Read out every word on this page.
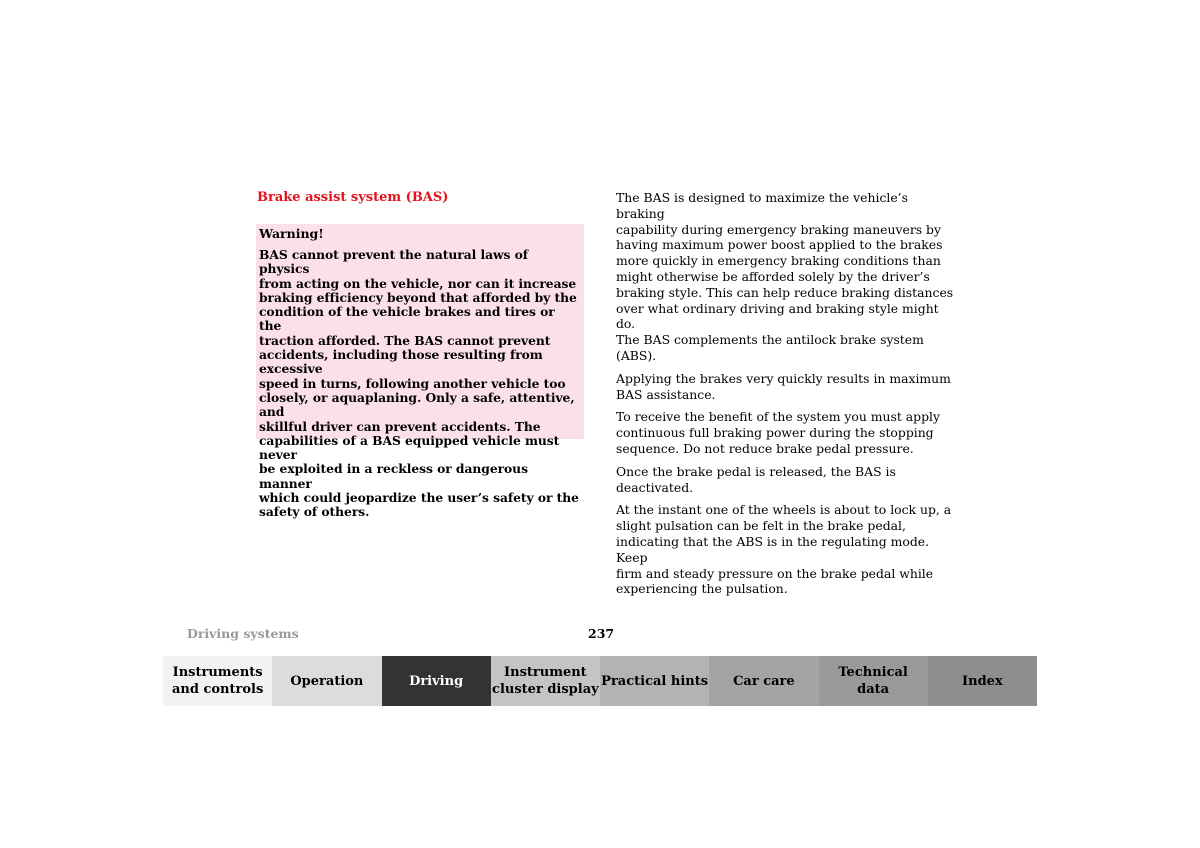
Brake assist system (BAS)
Warning!
BAS cannot prevent the natural laws of physics
from acting on the vehicle, nor can it increase
braking efficiency beyond that afforded by the
condition of the vehicle brakes and tires or the
traction afforded. The BAS cannot prevent
accidents, including those resulting from excessive
speed in turns, following another vehicle too
closely, or aquaplaning. Only a safe, attentive, and
skillful driver can prevent accidents. The
capabilities of a BAS equipped vehicle must never
be exploited in a reckless or dangerous manner
which could jeopardize the user’s safety or the
safety of others.

The BAS is designed to maximize the vehicle’s braking
capability during emergency braking maneuvers by
having maximum power boost applied to the brakes
more quickly in emergency braking conditions than
might otherwise be afforded solely by the driver’s
braking style. This can help reduce braking distances
over what ordinary driving and braking style might do.
The BAS complements the antilock brake system (ABS).

Applying the brakes very quickly results in maximum
BAS assistance.

To receive the benefit of the system you must apply
continuous full braking power during the stopping
sequence. Do not reduce brake pedal pressure.

Once the brake pedal is released, the BAS is deactivated.

At the instant one of the wheels is about to lock up, a
slight pulsation can be felt in the brake pedal,
indicating that the ABS is in the regulating mode. Keep
firm and steady pressure on the brake pedal while
experiencing the pulsation.

Driving systems	237
Instruments
and controls
Operation	Driving
Instrument
cluster display
Practical hints	Car care
Technical
data
Index
